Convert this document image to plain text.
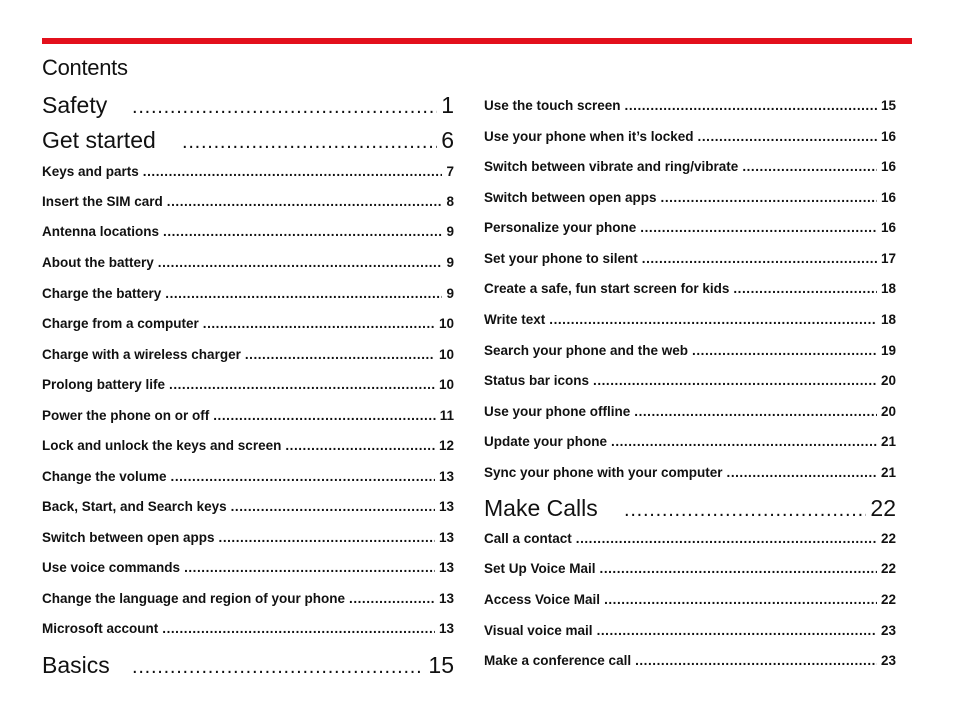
Contents
Safety . . .	1
Get started . . .	6
Keys and parts . . .	7
Insert the SIM card . . .	8
Antenna locations . . .	9
About the battery . . .	9
Charge the battery . . .	9
Charge from a computer . . .	10
Charge with a wireless charger . . .	10
Prolong battery life . . .	10
Power the phone on or off . . .	11
Lock and unlock the keys and screen . . .	12
Change the volume . . .	13
Back, Start, and Search keys . . .	13
Switch between open apps . . .	13
Use voice commands . . .	13
Change the language and region of your phone . . .	13
Microsoft account . . .	13
Basics . . .	15
Use the touch screen . . .	15
Use your phone when it’s locked . . .	16
Switch between vibrate and ring/vibrate . . .	16
Switch between open apps . . .	16
Personalize your phone . . .	16
Set your phone to silent . . .	17
Create a safe, fun start screen for kids . . .	18
Write text . . .	18
Search your phone and the web . . .	19
Status bar icons . . .	20
Use your phone offline . . .	20
Update your phone . . .	21
Sync your phone with your computer . . .	21
Make Calls . . .	22
Call a contact . . .	22
Set Up Voice Mail . . .	22
Access Voice Mail . . .	22
Visual voice mail . . .	23
Make a conference call . . .	23
